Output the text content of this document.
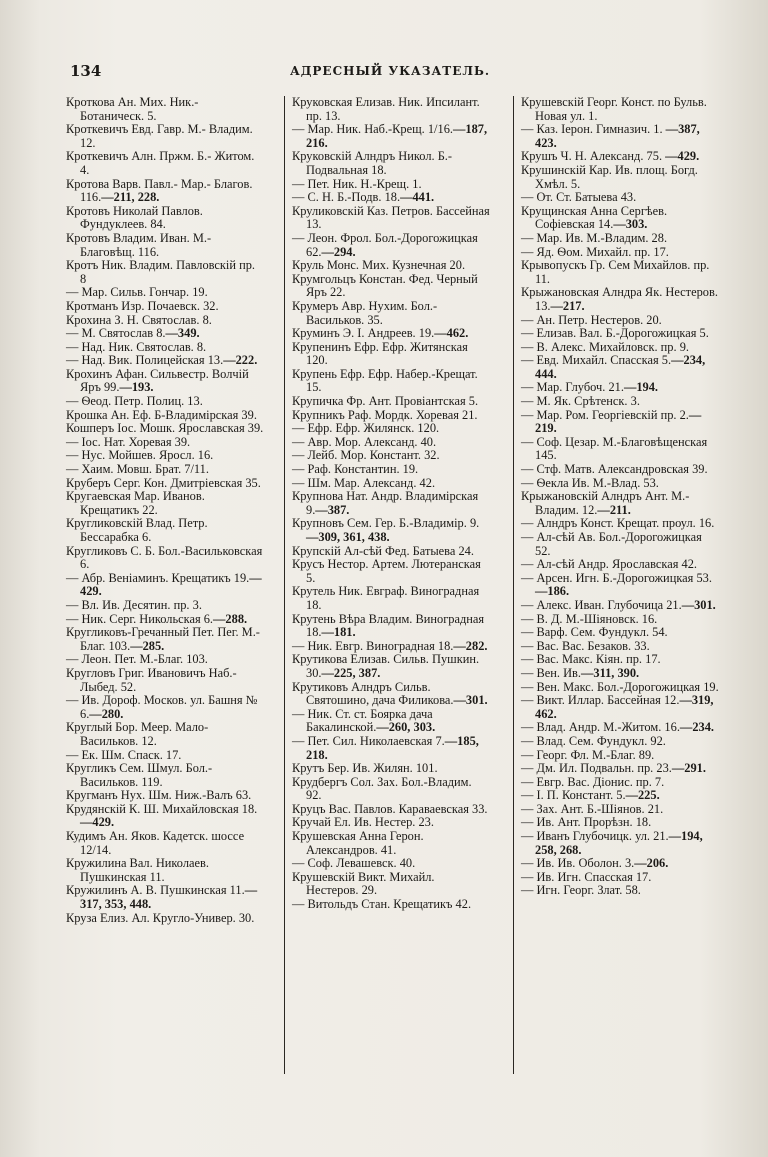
134	АДРЕСНЫЙ УКАЗАТЕЛЬ.

Кроткова Ан. Мих. Ник.- Ботаническ. 5.

Кроткевичъ Евд. Гавр. М.- Владим. 12.

Кроткевичъ Алн. Пржм. Б.- Житом. 4.

Кротова Варв. Павл.- Мар.- Благов. 116.—211, 228.

Кротовъ Николай Павлов. Фундуклеев. 84.

Кротовъ Владим. Иван. М.- Благовѣщ. 116.

Кротъ Ник. Владим. Павловскій пр. 8

— Мар. Сильв. Гончар. 19.

Кротманъ Изр. Почаевск. 32.

Крохина З. Н. Святослав. 8.

— М. Святослав 8.—349.

— Над. Ник. Святослав. 8.

— Над. Вик. Полицейская 13.—222.

Крохинъ Афан. Сильвестр. Волчій Яръ 99.—193.

— Ѳеод. Петр. Полиц. 13.

Крошка Ан. Еф. Б-Владимірская 39.

Кошперъ Іос. Мошк. Ярославская 39.

— Іос. Нат. Хоревая 39.

— Нус. Мойшев. Яросл. 16.

— Хаим. Мовш. Брат. 7/11.

Круберъ Серг. Кон. Дмитріевская 35.

Кругаевская Мар. Иванов. Крещатикъ 22.

Кругликовскій Влад. Петр. Бессарабка 6.

Кругликовъ С. Б. Бол.-Васильковская 6.

— Абр. Веніаминъ. Крещатикъ 19.—429.

— Вл. Ив. Десятин. пр. 3.

— Ник. Серг. Никольская 6.—288.

Кругликовъ-Гречанный Пет. Пег. М.-Благ. 103.—285.

— Леон. Пет. М.-Благ. 103.

Кругловъ Григ. Ивановичъ Наб.-Лыбед. 52.

— Ив. Дороф. Москов. ул. Башня № 6.—280.

Круглый Бор. Меер. Мало-Васильков. 12.

— Ек. Шм. Спаск. 17.

Кругликъ Сем. Шмул. Бол.-Васильков. 119.

Кругманъ Нух. Шм. Ниж.-Валъ 63.

Крудянскій К. Ш. Михайловская 18.—429.

Кудимъ Ан. Яков. Кадетск. шоссе 12/14.

Кружилина Вал. Николаев. Пушкинская 11.

Кружилинъ А. В. Пушкинская 11.—317, 353, 448.

Круза Елиз. Ал. Кругло-Универ. 30.

Круковская Елизав. Ник. Ипсилант. пр. 13.

— Мар. Ник. Наб.-Крещ. 1/16.—187, 216.

Круковскій Алндръ Никол. Б.-Подвальная 18.

— Пет. Ник. Н.-Крещ. 1.

— С. Н. Б.-Подв. 18.—441.

Круликовскій Каз. Петров. Бассейная 13.

— Леон. Фрол. Бол.-Дорогожицкая 62.—294.

Круль Монс. Мих. Кузнечная 20.

Крумгольцъ Констан. Фед. Черный Яръ 22.

Крумеръ Авр. Нухим. Бол.-Васильков. 35.

Круминъ Э. І. Андреев. 19.—462.

Крупенинъ Ефр. Ефр. Житянская 120.

Крупень Ефр. Ефр. Набер.-Крещат. 15.

Крупичка Фр. Ант. Провіантская 5.

Крупникъ Раф. Мордк. Хоревая 21.

— Ефр. Ефр. Жилянск. 120.

— Авр. Мор. Александ. 40.

— Лейб. Мор. Констант. 32.

— Раф. Константин. 19.

— Шм. Мар. Александ. 42.

Крупнова Нат. Андр. Владимірская 9.—387.

Крупновъ Сем. Гер. Б.-Владимір. 9.—309, 361, 438.

Крупскій Ал-сѣй Фед. Батыева 24.

Крусъ Нестор. Артем. Лютеранская 5.

Крутель Ник. Евграф. Виноградная 18.

Крутень Вѣра Владим. Виноградная 18.—181.

— Ник. Евгр. Виноградная 18.—282.

Крутикова Елизав. Сильв. Пушкин. 30.—225, 387.

Крутиковъ Алндръ Сильв. Святошино, дача Филикова.—301.

— Ник. Ст. ст. Боярка дача Бакалинской.—260, 303.

— Пет. Сил. Николаевская 7.—185, 218.

Крутъ Бер. Ив. Жилян. 101.

Крудбергъ Сол. Зах. Бол.-Владим. 92.

Круцъ Вас. Павлов. Караваевская 33.

Кручай Ел. Ив. Нестер. 23.

Крушевская Анна Герон. Александров. 41.

— Соф. Левашевск. 40.

Крушевскій Викт. Михайл. Нестеров. 29.

— Витольдъ Стан. Крещатикъ 42.

Крушевскій Георг. Конст. по Бульв. Новая ул. 1.

— Каз. Іерон. Гимназич. 1. —387, 423.

Крушъ Ч. Н. Александ. 75. —429.

Крушинскій Кар. Ив. площ. Богд. Хмѣл. 5.

— От. Ст. Батыева 43.

Крущинская Анна Сергѣев. Софіевская 14.—303.

— Мар. Ив. М.-Владим. 28.

— Яд. Ѳом. Михайл. пр. 17.

Крывопускъ Гр. Сем Михайлов. пр. 11.

Крыжановская Алндра Як. Нестеров. 13.—217.

— Ан. Петр. Нестеров. 20.

— Елизав. Вал. Б.-Дорогожицкая 5.

— В. Алекс. Михайловск. пр. 9.

— Евд. Михайл. Спасская 5.—234, 444.

— Мар. Глубоч. 21.—194.

— М. Як. Срѣтенск. 3.

— Мар. Ром. Георгіевскій пр. 2.—219.

— Соф. Цезар. М.-Благовѣщенская 145.

— Стф. Матв. Александровская 39.

— Ѳекла Ив. М.-Влад. 53.

Крыжановскій Алндръ Ант. М.-Владим. 12.—211.

— Алндръ Конст. Крещат. проул. 16.

— Ал-сѣй Ав. Бол.-Дорогожицкая 52.

— Ал-сѣй Андр. Ярославская 42.

— Арсен. Игн. Б.-Дорогожицкая 53.—186.

— Алекс. Иван. Глубочица 21.—301.

— В. Д. М.-Шіяновск. 16.

— Варф. Сем. Фундукл. 54.

— Вас. Вас. Безаков. 33.

— Вас. Макс. Кіян. пр. 17.

— Вен. Ив.—311, 390.

— Вен. Макс. Бол.-Дорогожицкая 19.

— Викт. Иллар. Бассейная 12.—319, 462.

— Влад. Андр. М.-Житом. 16.—234.

— Влад. Сем. Фундукл. 92.

— Георг. Фл. М.-Благ. 89.

— Дм. Ил. Подвальн. пр. 23.—291.

— Евгр. Вас. Діонис. пр. 7.

— І. П. Констант. 5.—225.

— Зах. Ант. Б.-Шіянов. 21.

— Ив. Ант. Прорѣзн. 18.

— Иванъ Глубочицк. ул. 21.—194, 258, 268.

— Ив. Ив. Оболон. 3.—206.

— Ив. Игн. Спасская 17.

— Игн. Георг. Злат. 58.
